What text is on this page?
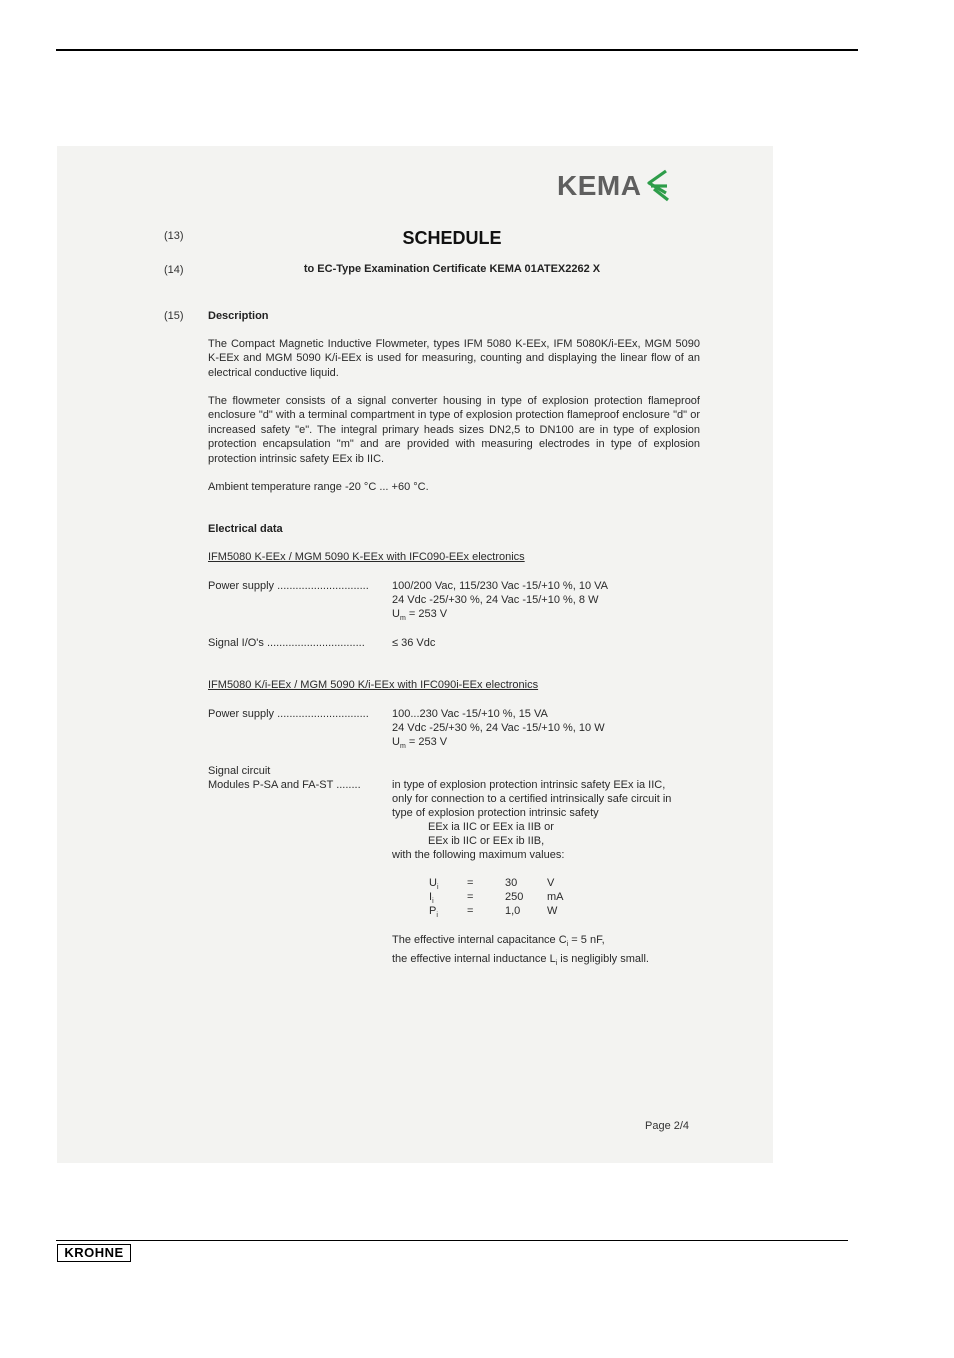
KEMA
(13)	SCHEDULE
(14)	to EC-Type Examination Certificate KEMA 01ATEX2262 X
(15) Description

The Compact Magnetic Inductive Flowmeter, types IFM 5080 K-EEx, IFM 5080K/i-EEx, MGM 5090 K-EEx and MGM 5090 K/i-EEx is used for measuring, counting and displaying the linear flow of an electrical conductive liquid.

The flowmeter consists of a signal converter housing in type of explosion protection flameproof enclosure "d" with a terminal compartment in type of explosion protection flameproof enclosure "d" or increased safety "e". The integral primary heads sizes DN2,5 to DN100 are in type of explosion protection encapsulation "m" and are provided with measuring electrodes in type of explosion protection intrinsic safety EEx ib IIC.

Ambient temperature range -20 °C ... +60 °C.

Electrical data
IFM5080 K-EEx / MGM 5090 K-EEx with IFC090-EEx electronics
Power supply .............................. 100/200 Vac, 115/230 Vac -15/+10 %, 10 VA
24 Vdc -25/+30 %, 24 Vac -15/+10 %, 8 W
$U_m = 253$ V
Signal I/O's ................................ ≤ 36 Vdc
IFM5080 K/i-EEx / MGM 5090 K/i-EEx with IFC090i-EEx electronics
Power supply .............................. 100...230 Vac -15/+10 %, 15 VA
24 Vdc -25/+30 %, 24 Vac -15/+10 %, 10 W
$U_m = 253$ V
Signal circuit
Modules P-SA and FA-ST ........	in type of explosion protection intrinsic safety EEx ia IIC,
only for connection to a certified intrinsically safe circuit in
type of explosion protection intrinsic safety
EEx ia IIC or EEx ia IIB or
EEx ib IIC or EEx ib IIB,
with the following maximum values:
$U_i$	=	30	V
$I_i$	=	250 mA
$P_i$	=	1,0 W
The effective internal capacitance $C_i = 5$ nF,
the effective internal inductance $L_i$ is negligibly small.
Page 2/4
KROHNE
